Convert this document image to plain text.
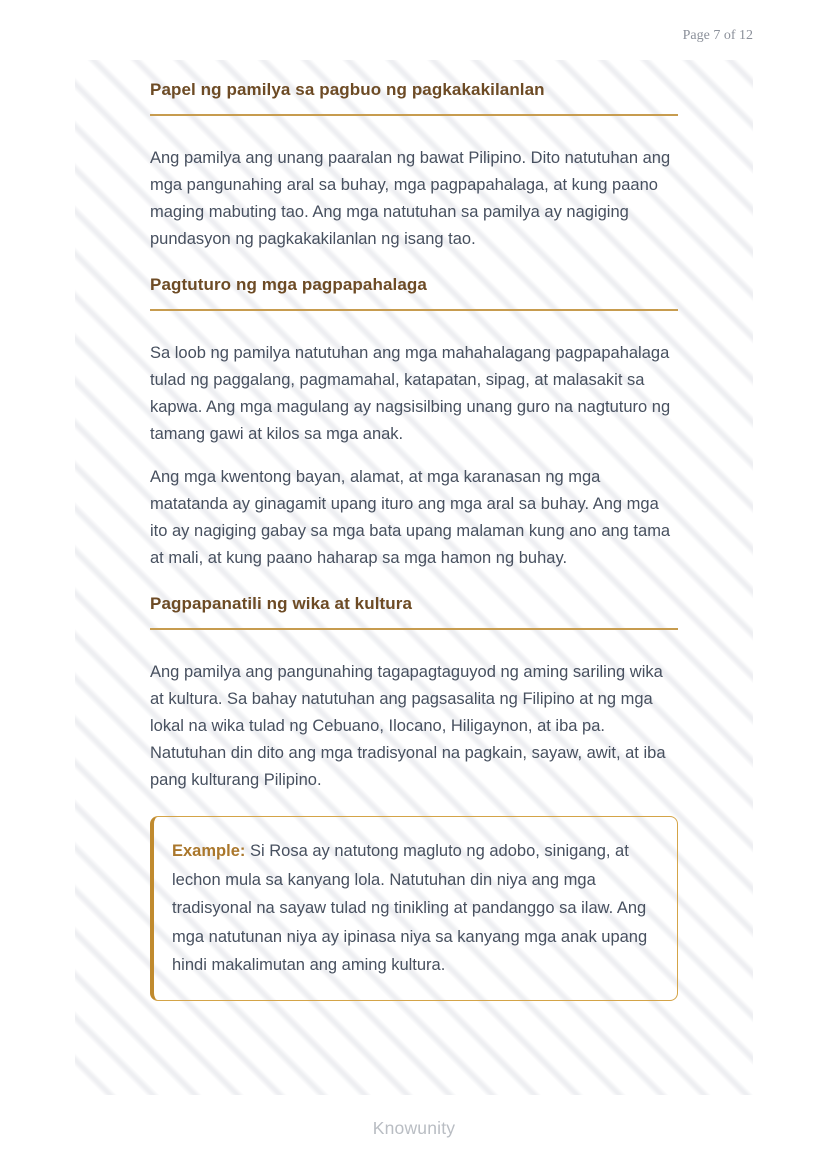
Page 7 of 12
Papel ng pamilya sa pagbuo ng pagkakakilanlan

Ang pamilya ang unang paaralan ng bawat Pilipino. Dito natutuhan ang mga pangunahing aral sa buhay, mga pagpapahalaga, at kung paano maging mabuting tao. Ang mga natutuhan sa pamilya ay nagiging pundasyon ng pagkakakilanlan ng isang tao.

Pagtuturo ng mga pagpapahalaga

Sa loob ng pamilya natutuhan ang mga mahahalagang pagpapahalaga tulad ng paggalang, pagmamahal, katapatan, sipag, at malasakit sa kapwa. Ang mga magulang ay nagsisilbing unang guro na nagtuturo ng tamang gawi at kilos sa mga anak.

Ang mga kwentong bayan, alamat, at mga karanasan ng mga matatanda ay ginagamit upang ituro ang mga aral sa buhay. Ang mga ito ay nagiging gabay sa mga bata upang malaman kung ano ang tama at mali, at kung paano haharap sa mga hamon ng buhay.

Pagpapanatili ng wika at kultura

Ang pamilya ang pangunahing tagapagtaguyod ng aming sariling wika at kultura. Sa bahay natutuhan ang pagsasalita ng Filipino at ng mga lokal na wika tulad ng Cebuano, Ilocano, Hiligaynon, at iba pa. Natutuhan din dito ang mga tradisyonal na pagkain, sayaw, awit, at iba pang kulturang Pilipino.

Example: Si Rosa ay natutong magluto ng adobo, sinigang, at lechon mula sa kanyang lola. Natutuhan din niya ang mga tradisyonal na sayaw tulad ng tinikling at pandanggo sa ilaw. Ang mga natutunan niya ay ipinasa niya sa kanyang mga anak upang hindi makalimutan ang aming kultura.

Knowunity
